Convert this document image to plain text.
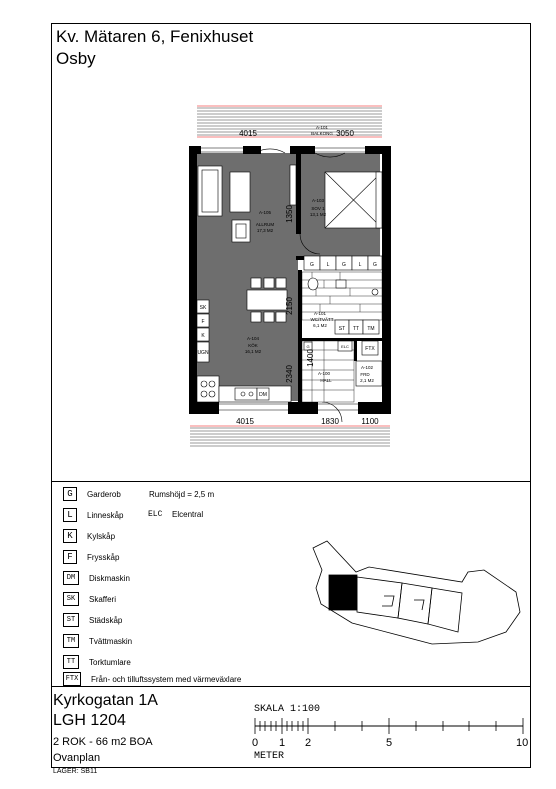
Kv. Mätaren 6, Fenixhuset
Osby
SK
F
K
UGN
DM
G	L	G	L G
ST TT TM
ELC	FTX
G
A-105
ALLRUM
17,3 M2
A-104
KÖK
16,1 M2
A-103
SOV 1
13,1 M2
A-101
WC/TVÄTT
6,1 M2
A-100
HALL
A-102
FRD
2,1 M2
A-101
BALKONG
4015	3050
4015	1830	1100
1350
2150
2340
1400
G	Garderob	Rumshöjd = 2,5 m
L	Linneskåp	ELC Elcentral
K	Kylskåp
F	Frysskåp
DM	Diskmaskin
SK	Skafferi
ST	Städskåp
TM	Tvättmaskin
TT	Torktumlare
FTX	Från- och tilluftssystem med värmeväxlare
Kyrkogatan 1A
LGH 1204
2 ROK - 66 m2 BOA
Ovanplan
LAGER: SB11
SKALA 1:100
0 1 2	5	10
METER
